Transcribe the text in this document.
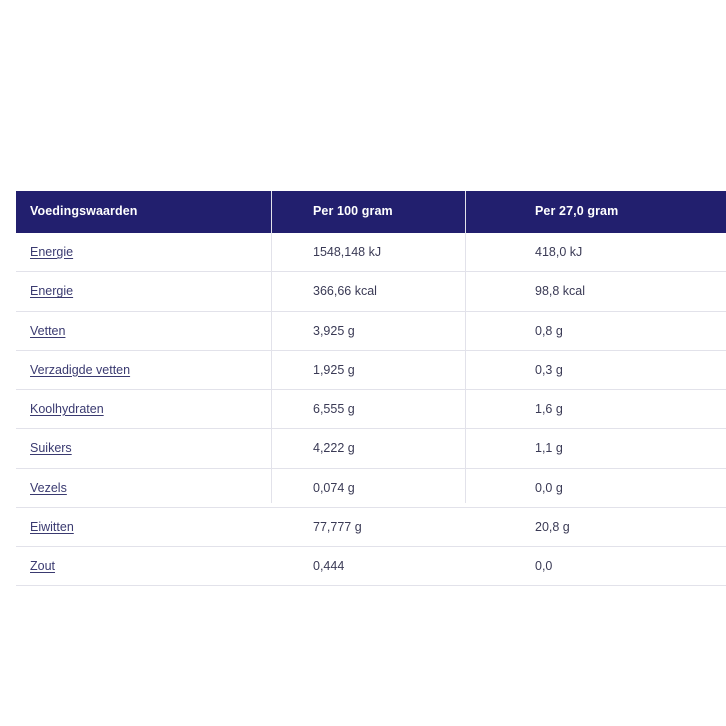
Voedingswaarden	Per 100 gram	Per 27,0 gram
Energie	1548,148 kJ	418,0 kJ
Energie	366,66 kcal	98,8 kcal
Vetten	3,925 g	0,8 g
Verzadigde vetten	1,925 g	0,3 g
Koolhydraten	6,555 g	1,6 g
Suikers	4,222 g	1,1 g
Vezels	0,074 g	0,0 g
Eiwitten	77,777 g	20,8 g
Zout	0,444	0,0
